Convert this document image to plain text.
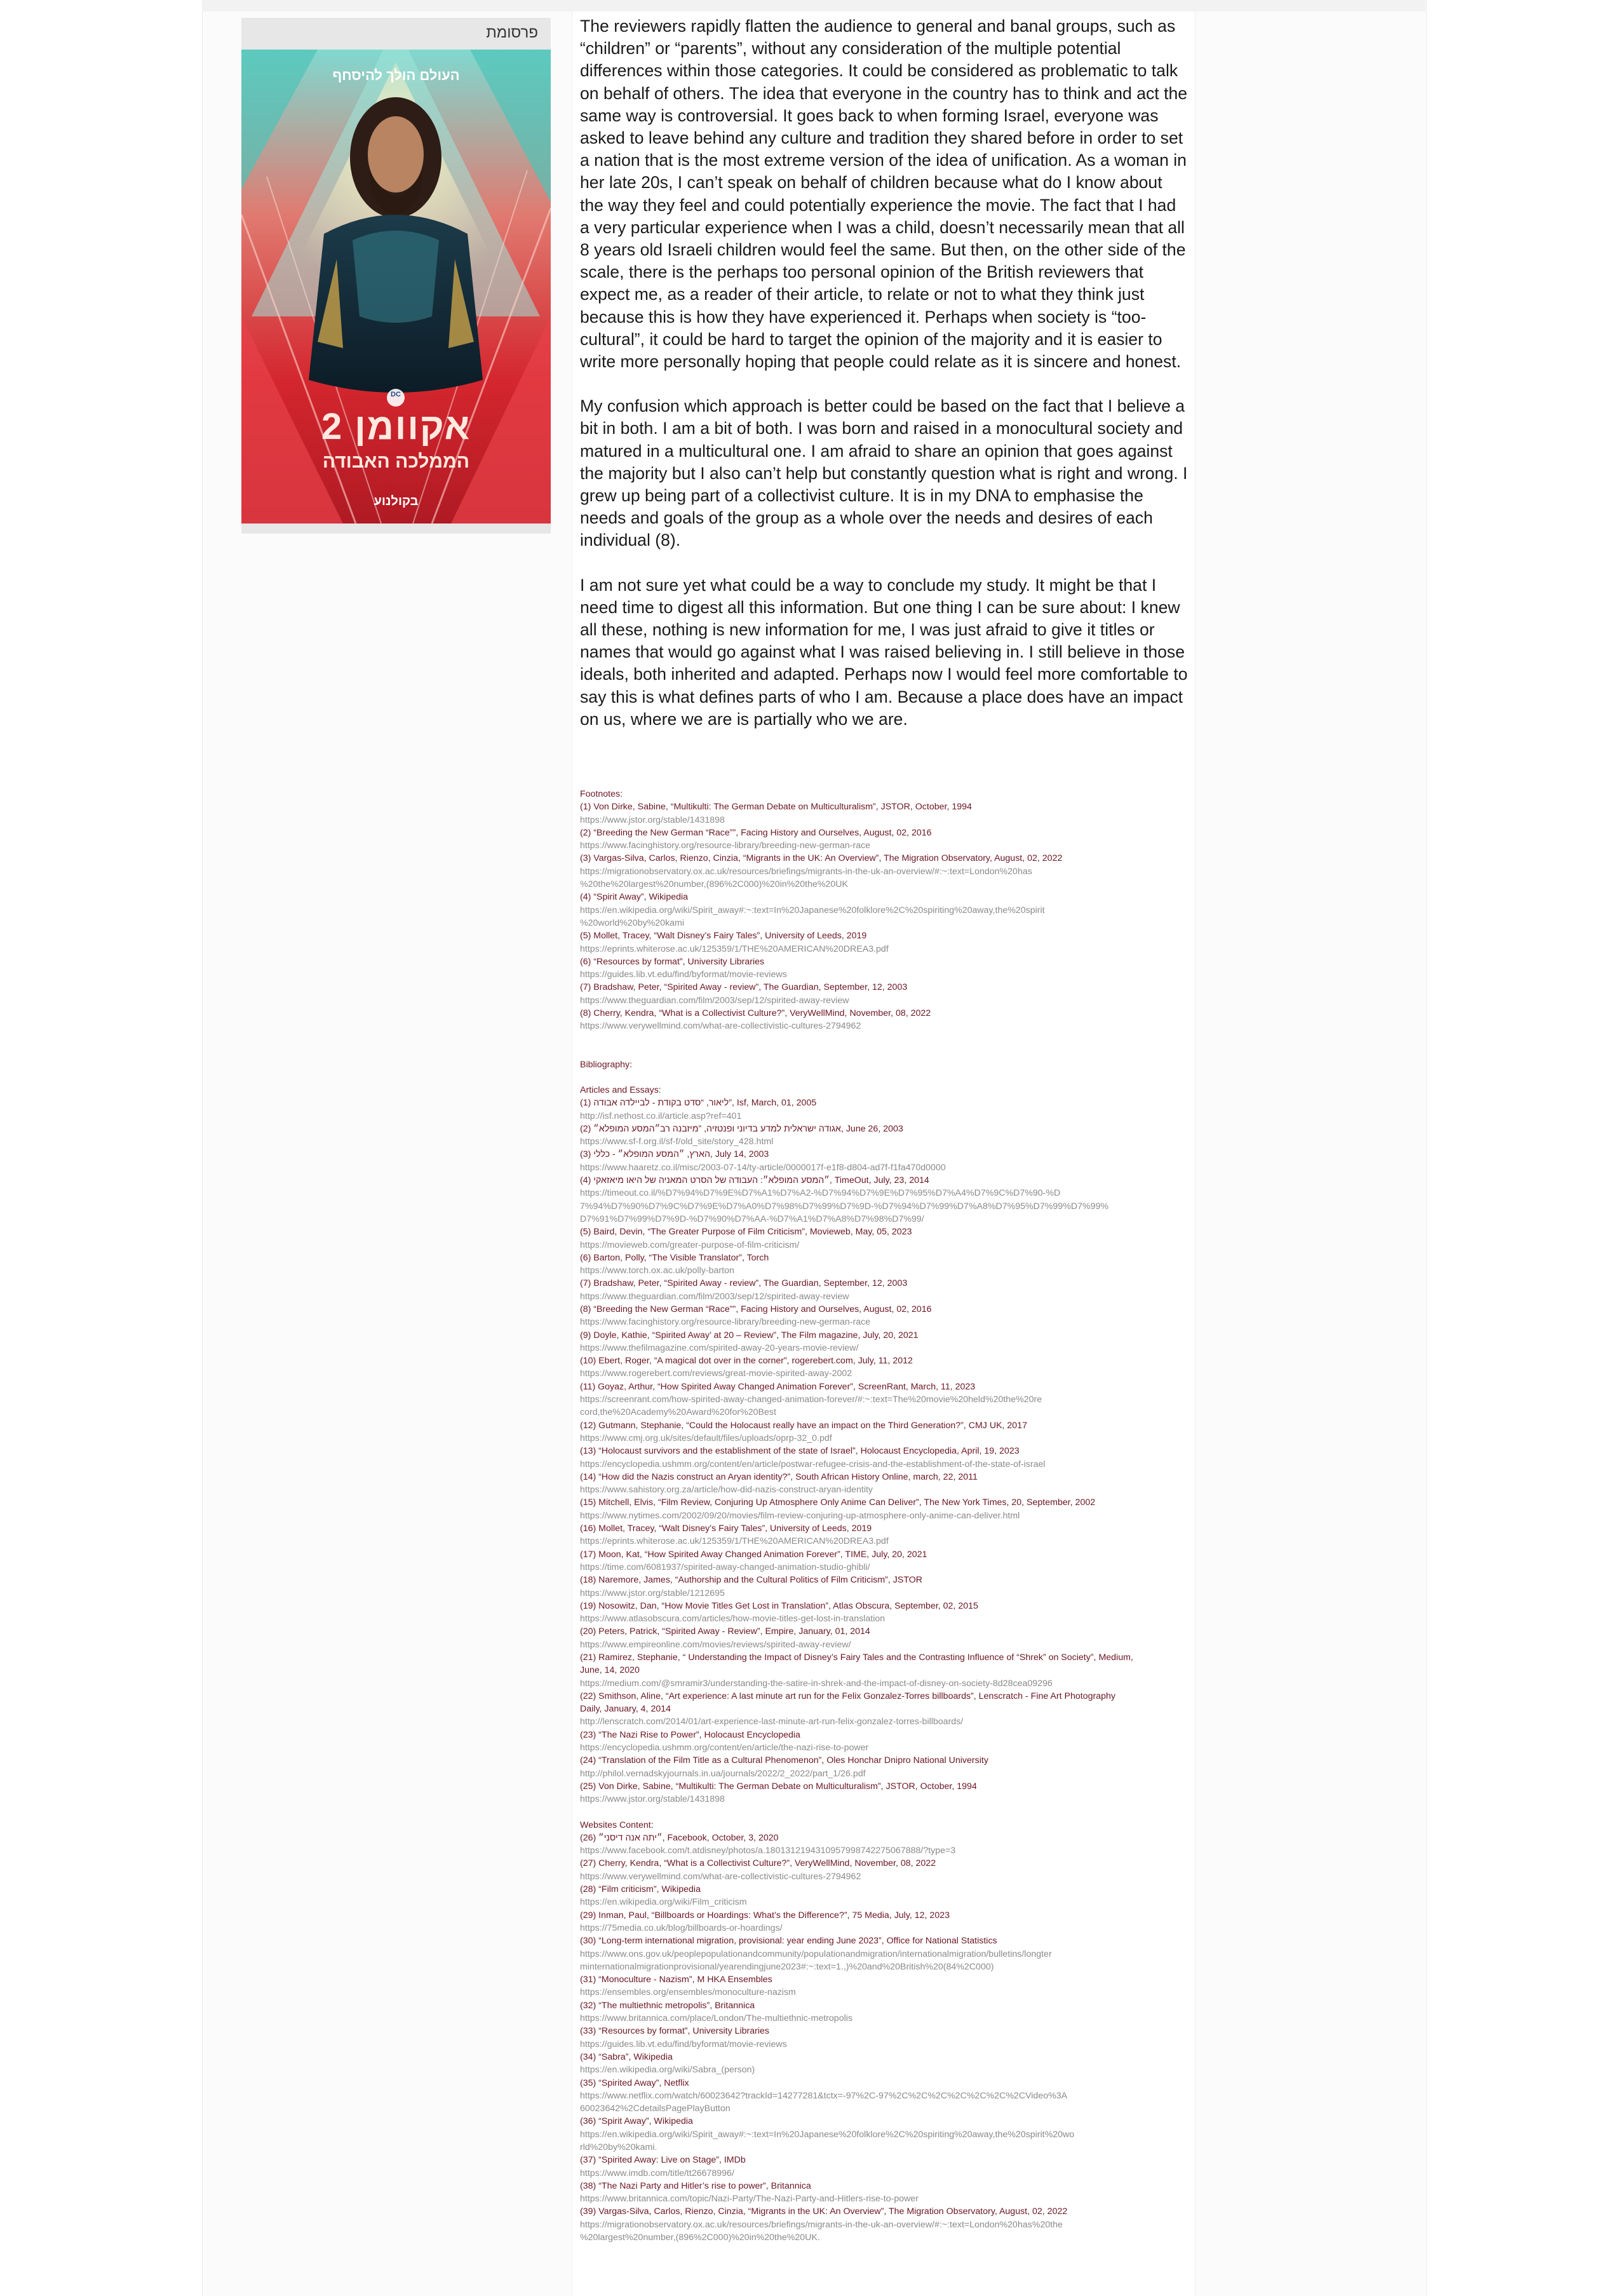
פרסומת
העולם הולך להיסחף
DC
אקוומן 2
הממלכה האבודה
בקולנוע

The reviewers rapidly flatten the audience to general and banal groups, such as “children” or “parents”, without any consideration of the multiple potential differences within those categories. It could be considered as problematic to talk on behalf of others. The idea that everyone in the country has to think and act the same way is controversial. It goes back to when forming Israel, everyone was asked to leave behind any culture and tradition they shared before in order to set a nation that is the most extreme version of the idea of unification. As a woman in her late 20s, I can’t speak on behalf of children because what do I know about the way they feel and could potentially experience the movie. The fact that I had a very particular experience when I was a child, doesn’t necessarily mean that all 8 years old Israeli children would feel the same. But then, on the other side of the scale, there is the perhaps too personal opinion of the British reviewers that expect me, as a reader of their article, to relate or not to what they think just because this is how they have experienced it. Perhaps when society is “too- cultural”, it could be hard to target the opinion of the majority and it is easier to write more personally hoping that people could relate as it is sincere and honest.

My confusion which approach is better could be based on the fact that I believe a bit in both. I am a bit of both. I was born and raised in a monocultural society and matured in a multicultural one. I am afraid to share an opinion that goes against the majority but I also can’t help but constantly question what is right and wrong. I grew up being part of a collectivist culture. It is in my DNA to emphasise the needs and goals of the group as a whole over the needs and desires of each individual (8).

I am not sure yet what could be a way to conclude my study. It might be that I need time to digest all this information. But one thing I can be sure about: I knew all these, nothing is new information for me, I was just afraid to give it titles or names that would go against what I was raised believing in. I still believe in those ideals, both inherited and adapted. Perhaps now I would feel more comfortable to say this is what defines parts of who I am. Because a place does have an impact on us, where we are is partially who we are.

Footnotes:
(1) Von Dirke, Sabine, “Multikulti: The German Debate on Multiculturalism”, JSTOR, October, 1994
https://www.jstor.org/stable/1431898
(2) “Breeding the New German “Race””, Facing History and Ourselves, August, 02, 2016
https://www.facinghistory.org/resource-library/breeding-new-german-race
(3) Vargas-Silva, Carlos, Rienzo, Cinzia, “Migrants in the UK: An Overview”, The Migration Observatory, August, 02, 2022
https://migrationobservatory.ox.ac.uk/resources/briefings/migrants-in-the-uk-an-overview/#:~:text=London%20has
%20the%20largest%20number,(896%2C000)%20in%20the%20UK
(4) “Spirit Away”, Wikipedia
https://en.wikipedia.org/wiki/Spirit_away#:~:text=In%20Japanese%20folklore%2C%20spiriting%20away,the%20spirit
%20world%20by%20kami
(5) Mollet, Tracey, “Walt Disney’s Fairy Tales”, University of Leeds, 2019
https://eprints.whiterose.ac.uk/125359/1/THE%20AMERICAN%20DREA3.pdf
(6) “Resources by format”, University Libraries
https://guides.lib.vt.edu/find/byformat/movie-reviews
(7) Bradshaw, Peter, “Spirited Away - review”, The Guardian, September, 12, 2003
https://www.theguardian.com/film/2003/sep/12/spirited-away-review
(8) Cherry, Kendra, “What is a Collectivist Culture?”, VeryWellMind, November, 08, 2022
https://www.verywellmind.com/what-are-collectivistic-cultures-2794962
Bibliography:
Articles and Essays:
(1) ליאור, “סדט בקודת - לביילדה אבודה”, Isf, March, 01, 2005
http://isf.nethost.co.il/article.asp?ref=401
(2) אגודה ישראלית למדע בדיוני ופנטזיה, ”מיזבנה רב״המסע המופלא״, June 26, 2003
https://www.sf-f.org.il/sf-f/old_site/story_428.html
(3) הארץ, ״המסע המופלא״ - כללי, July 14, 2003
https://www.haaretz.co.il/misc/2003-07-14/ty-article/0000017f-e1f8-d804-ad7f-f1fa470d0000
(4) ״המסע המופלא״: העבודה של הסרט המאניה של היאו מיאזאקי, TimeOut, July, 23, 2014
https://timeout.co.il/%D7%94%D7%9E%D7%A1%D7%A2-%D7%94%D7%9E%D7%95%D7%A4%D7%9C%D7%90-%D
7%94%D7%90%D7%9C%D7%9E%D7%A0%D7%98%D7%99%D7%9D-%D7%94%D7%99%D7%A8%D7%95%D7%99%D7%99%
D7%91%D7%99%D7%9D-%D7%90%D7%AA-%D7%A1%D7%A8%D7%98%D7%99/
(5) Baird, Devin, “The Greater Purpose of Film Criticism”, Movieweb, May, 05, 2023
https://movieweb.com/greater-purpose-of-film-criticism/
(6) Barton, Polly, “The Visible Translator”, Torch
https://www.torch.ox.ac.uk/polly-barton
(7) Bradshaw, Peter, “Spirited Away - review”, The Guardian, September, 12, 2003
https://www.theguardian.com/film/2003/sep/12/spirited-away-review
(8) “Breeding the New German “Race””, Facing History and Ourselves, August, 02, 2016
https://www.facinghistory.org/resource-library/breeding-new-german-race
(9) Doyle, Kathie, “Spirited Away’ at 20 – Review”, The Film magazine, July, 20, 2021
https://www.thefilmagazine.com/spirited-away-20-years-movie-review/
(10) Ebert, Roger, “A magical dot over in the corner”, rogerebert.com, July, 11, 2012
https://www.rogerebert.com/reviews/great-movie-spirited-away-2002
(11) Goyaz, Arthur, “How Spirited Away Changed Animation Forever”, ScreenRant, March, 11, 2023
https://screenrant.com/how-spirited-away-changed-animation-forever/#:~:text=The%20movie%20held%20the%20re
cord,the%20Academy%20Award%20for%20Best
(12) Gutmann, Stephanie, “Could the Holocaust really have an impact on the Third Generation?”, CMJ UK, 2017
https://www.cmj.org.uk/sites/default/files/uploads/oprp-32_0.pdf
(13) “Holocaust survivors and the establishment of the state of Israel”, Holocaust Encyclopedia, April, 19, 2023
https://encyclopedia.ushmm.org/content/en/article/postwar-refugee-crisis-and-the-establishment-of-the-state-of-israel
(14) “How did the Nazis construct an Aryan identity?”, South African History Online, march, 22, 2011
https://www.sahistory.org.za/article/how-did-nazis-construct-aryan-identity
(15) Mitchell, Elvis, “Film Review, Conjuring Up Atmosphere Only Anime Can Deliver”, The New York Times, 20, September, 2002
https://www.nytimes.com/2002/09/20/movies/film-review-conjuring-up-atmosphere-only-anime-can-deliver.html
(16) Mollet, Tracey, “Walt Disney’s Fairy Tales”, University of Leeds, 2019
https://eprints.whiterose.ac.uk/125359/1/THE%20AMERICAN%20DREA3.pdf
(17) Moon, Kat, “How Spirited Away Changed Animation Forever”, TIME, July, 20, 2021
https://time.com/6081937/spirited-away-changed-animation-studio-ghibli/
(18) Naremore, James, “Authorship and the Cultural Politics of Film Criticism”, JSTOR
https://www.jstor.org/stable/1212695
(19) Nosowitz, Dan, “How Movie Titles Get Lost in Translation”, Atlas Obscura, September, 02, 2015
https://www.atlasobscura.com/articles/how-movie-titles-get-lost-in-translation
(20) Peters, Patrick, “Spirited Away - Review”, Empire, January, 01, 2014
https://www.empireonline.com/movies/reviews/spirited-away-review/
(21) Ramirez, Stephanie, “ Understanding the Impact of Disney’s Fairy Tales and the Contrasting Influence of “Shrek” on Society”, Medium,
June, 14, 2020
https://medium.com/@smramir3/understanding-the-satire-in-shrek-and-the-impact-of-disney-on-society-8d28cea09296
(22) Smithson, Aline, “Art experience: A last minute art run for the Felix Gonzalez-Torres billboards”, Lenscratch - Fine Art Photography
Daily, January, 4, 2014
http://lenscratch.com/2014/01/art-experience-last-minute-art-run-felix-gonzalez-torres-billboards/
(23) “The Nazi Rise to Power”, Holocaust Encyclopedia
https://encyclopedia.ushmm.org/content/en/article/the-nazi-rise-to-power
(24) “Translation of the Film Title as a Cultural Phenomenon”, Oles Honchar Dnipro National University
http://philol.vernadskyjournals.in.ua/journals/2022/2_2022/part_1/26.pdf
(25) Von Dirke, Sabine, “Multikulti: The German Debate on Multiculturalism”, JSTOR, October, 1994
https://www.jstor.org/stable/1431898
Websites Content:
(26) ״יתה אנה דיסני״, Facebook, October, 3, 2020
https://www.facebook.com/t.atdisney/photos/a.1801312194310957998742275067888/?type=3
(27) Cherry, Kendra, “What is a Collectivist Culture?”, VeryWellMind, November, 08, 2022
https://www.verywellmind.com/what-are-collectivistic-cultures-2794962
(28) “Film criticism”, Wikipedia
https://en.wikipedia.org/wiki/Film_criticism
(29) Inman, Paul, “Billboards or Hoardings: What’s the Difference?”, 75 Media, July, 12, 2023
https://75media.co.uk/blog/billboards-or-hoardings/
(30) “Long-term international migration, provisional: year ending June 2023”, Office for National Statistics
https://www.ons.gov.uk/peoplepopulationandcommunity/populationandmigration/internationalmigration/bulletins/longter
minternationalmigrationprovisional/yearendingjune2023#:~:text=1.,)%20and%20British%20(84%2C000)
(31) “Monoculture - Nazism”, M HKA Ensembles
https://ensembles.org/ensembles/monoculture-nazism
(32) “The multiethnic metropolis”, Britannica
https://www.britannica.com/place/London/The-multiethnic-metropolis
(33) “Resources by format”, University Libraries
https://guides.lib.vt.edu/find/byformat/movie-reviews
(34) “Sabra”, Wikipedia
https://en.wikipedia.org/wiki/Sabra_(person)
(35) “Spirited Away”, Netflix
https://www.netflix.com/watch/60023642?trackId=14277281&tctx=-97%2C-97%2C%2C%2C%2C%2C%2C%2CVideo%3A
60023642%2CdetailsPagePlayButton
(36) “Spirit Away”, Wikipedia
https://en.wikipedia.org/wiki/Spirit_away#:~:text=In%20Japanese%20folklore%2C%20spiriting%20away,the%20spirit%20wo
rld%20by%20kami.
(37) “Spirited Away: Live on Stage”, IMDb
https://www.imdb.com/title/tt26678996/
(38) “The Nazi Party and Hitler’s rise to power”, Britannica
https://www.britannica.com/topic/Nazi-Party/The-Nazi-Party-and-Hitlers-rise-to-power
(39) Vargas-Silva, Carlos, Rienzo, Cinzia, “Migrants in the UK: An Overview”, The Migration Observatory, August, 02, 2022
https://migrationobservatory.ox.ac.uk/resources/briefings/migrants-in-the-uk-an-overview/#:~:text=London%20has%20the
%20largest%20number,(896%2C000)%20in%20the%20UK.
